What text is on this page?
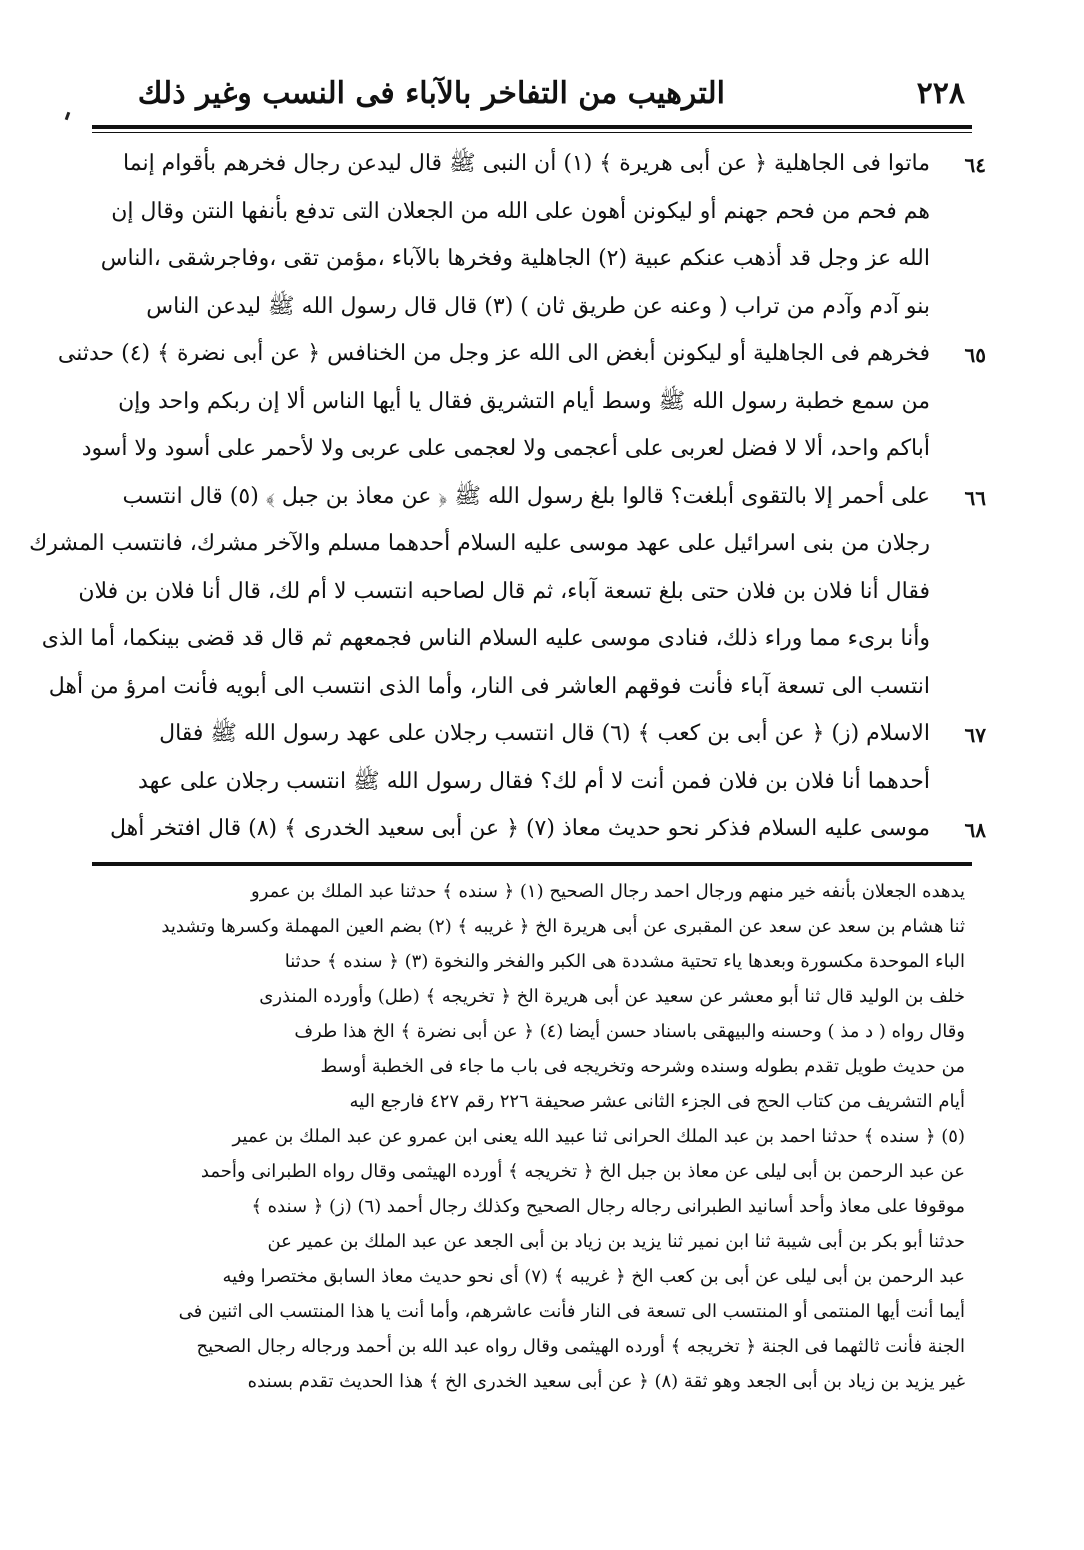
٢٢٨
الترهيب من التفاخر بالآباء فى النسب وغير ذلك
٦٤
٦٥
٦٦
٦٧
٦٨
ماتوا فى الجاهلية ﴿ عن أبى هريرة ﴾ (١) أن النبى ﷺ قال ليدعن رجال فخرهم بأقوام إنما
هم فحم من فحم جهنم أو ليكونن أهون على الله من الجعلان التى تدفع بأنفها النتن وقال إن
الله عز وجل قد أذهب عنكم عبية (٢) الجاهلية وفخرها بالآباء ،مؤمن تقى ،وفاجرشقى ،الناس
بنو آدم وآدم من تراب ( وعنه عن طريق ثان ) (٣) قال قال رسول الله ﷺ ليدعن الناس
فخرهم فى الجاهلية أو ليكونن أبغض الى الله عز وجل من الخنافس ﴿ عن أبى نضرة ﴾ (٤) حدثنى
من سمع خطبة رسول الله ﷺ وسط أيام التشريق فقال يا أيها الناس ألا إن ربكم واحد وإن
أباكم واحد، ألا لا فضل لعربى على أعجمى ولا لعجمى على عربى ولا لأحمر على أسود ولا أسود
على أحمر إلا بالتقوى أبلغت؟ قالوا بلغ رسول الله ﷺ ﴿ عن معاذ بن جبل ﴾ (٥) قال انتسب
رجلان من بنى اسرائيل على عهد موسى عليه السلام أحدهما مسلم والآخر مشرك، فانتسب المشرك
فقال أنا فلان بن فلان حتى بلغ تسعة آباء، ثم قال لصاحبه انتسب لا أم لك، قال أنا فلان بن فلان
وأنا برىء مما وراء ذلك، فنادى موسى عليه السلام الناس فجمعهم ثم قال قد قضى بينكما، أما الذى
انتسب الى تسعة آباء فأنت فوقهم العاشر فى النار، وأما الذى انتسب الى أبويه فأنت امرؤ من أهل
الاسلام (ز) ﴿ عن أبى بن كعب ﴾ (٦) قال انتسب رجلان على عهد رسول الله ﷺ فقال
أحدهما أنا فلان بن فلان فمن أنت لا أم لك؟ فقال رسول الله ﷺ انتسب رجلان على عهد
موسى عليه السلام فذكر نحو حديث معاذ (٧) ﴿ عن أبى سعيد الخدرى ﴾ (٨) قال افتخر أهل
يدهده الجعلان بأنفه خير منهم ورجال احمد رجال الصحيح (١) ﴿ سنده ﴾ حدثنا عبد الملك بن عمرو
ثنا هشام بن سعد عن سعد عن المقبرى عن أبى هريرة الخ ﴿ غريبه ﴾ (٢) بضم العين المهملة وكسرها وتشديد
الباء الموحدة مكسورة وبعدها ياء تحتية مشددة هى الكبر والفخر والنخوة (٣) ﴿ سنده ﴾ حدثنا
خلف بن الوليد قال ثنا أبو معشر عن سعيد عن أبى هريرة الخ ﴿ تخريجه ﴾ (طل) وأورده المنذرى
وقال رواه ( د مذ ) وحسنه والبيهقى باسناد حسن أيضا (٤) ﴿ عن أبى نضرة ﴾ الخ هذا طرف
من حديث طويل تقدم بطوله وسنده وشرحه وتخريجه فى باب ما جاء فى الخطبة أوسط
أيام التشريف من كتاب الحج فى الجزء الثانى عشر صحيفة ٢٢٦ رقم ٤٢٧ فارجع اليه
(٥) ﴿ سنده ﴾ حدثنا احمد بن عبد الملك الحرانى ثنا عبيد الله يعنى ابن عمرو عن عبد الملك بن عمير
عن عبد الرحمن بن أبى ليلى عن معاذ بن جبل الخ ﴿ تخريجه ﴾ أورده الهيثمى وقال رواه الطبرانى وأحمد
موقوفا على معاذ وأحد أسانيد الطبرانى رجاله رجال الصحيح وكذلك رجال أحمد (٦) (ز) ﴿ سنده ﴾
حدثنا أبو بكر بن أبى شيبة ثنا ابن نمير ثنا يزيد بن زياد بن أبى الجعد عن عبد الملك بن عمير عن
عبد الرحمن بن أبى ليلى عن أبى بن كعب الخ ﴿ غريبه ﴾ (٧) أى نحو حديث معاذ السابق مختصرا وفيه
أيما أنت أيها المنتمى أو المنتسب الى تسعة فى النار فأنت عاشرهم، وأما أنت يا هذا المنتسب الى اثنين فى
الجنة فأنت ثالثهما فى الجنة ﴿ تخريجه ﴾ أورده الهيثمى وقال رواه عبد الله بن أحمد ورجاله رجال الصحيح
غير يزيد بن زياد بن أبى الجعد وهو ثقة (٨) ﴿ عن أبى سعيد الخدرى الخ ﴾ هذا الحديث تقدم بسنده
